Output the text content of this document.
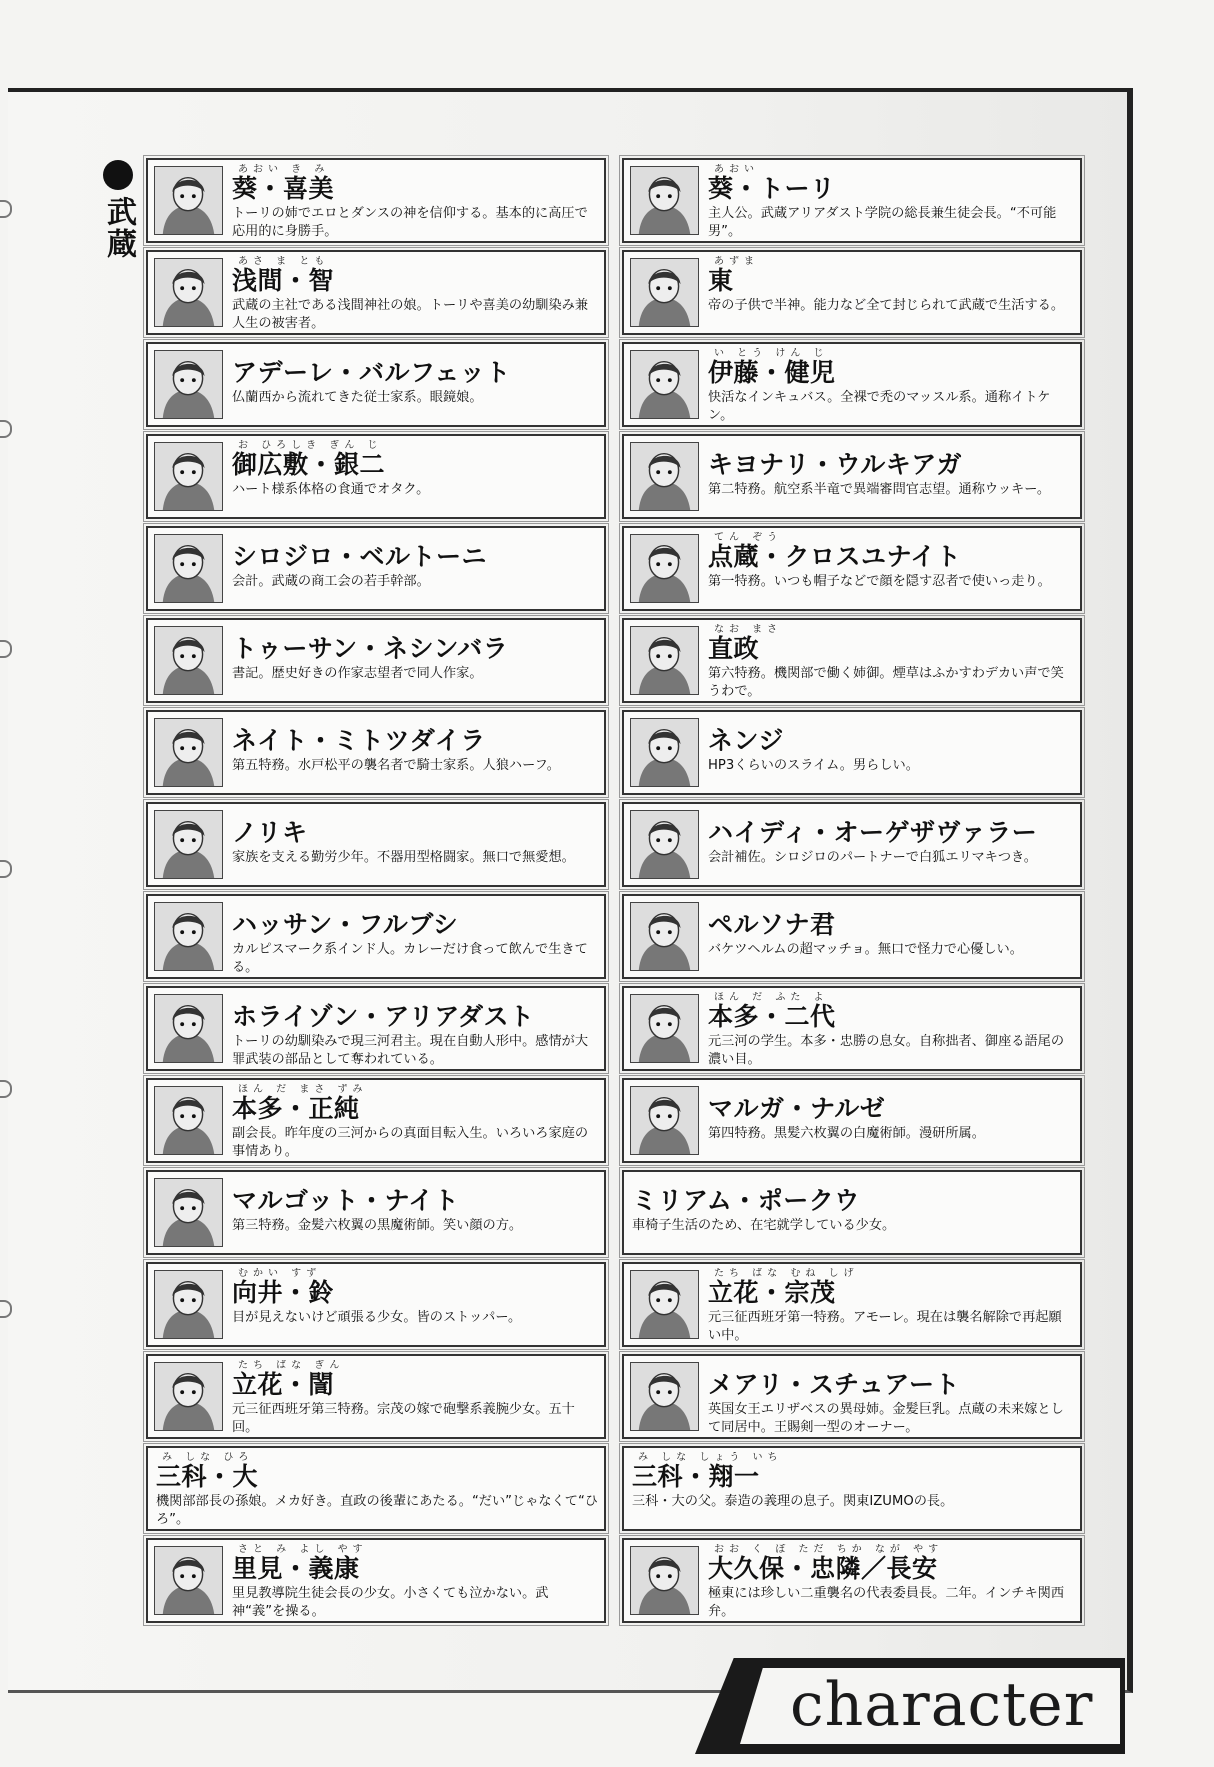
武蔵
あおい き み
葵・喜美
トーリの姉でエロとダンスの神を信仰する。基本的に高圧で応用的に身勝手。
あおい
葵・トーリ
主人公。武蔵アリアダスト学院の総長兼生徒会長。“不可能男”。
あさ ま とも
浅間・智
武蔵の主社である浅間神社の娘。トーリや喜美の幼馴染み兼人生の被害者。
あずま
東
帝の子供で半神。能力など全て封じられて武蔵で生活する。
アデーレ・バルフェット
仏蘭西から流れてきた従士家系。眼鏡娘。
い とう けん じ
伊藤・健児
快活なインキュバス。全裸で禿のマッスル系。通称イトケン。
お ひろしき ぎん じ
御広敷・銀二
ハート様系体格の食通でオタク。
キヨナリ・ウルキアガ
第二特務。航空系半竜で異端審問官志望。通称ウッキー。
シロジロ・ベルトーニ
会計。武蔵の商工会の若手幹部。
てん ぞう
点蔵・クロスユナイト
第一特務。いつも帽子などで顔を隠す忍者で使いっ走り。
トゥーサン・ネシンバラ
書記。歴史好きの作家志望者で同人作家。
なお まさ
直政
第六特務。機関部で働く姉御。煙草はふかすわデカい声で笑うわで。
ネイト・ミトツダイラ
第五特務。水戸松平の襲名者で騎士家系。人狼ハーフ。
ネンジ
HP3くらいのスライム。男らしい。
ノリキ
家族を支える勤労少年。不器用型格闘家。無口で無愛想。
ハイディ・オーゲザヴァラー
会計補佐。シロジロのパートナーで白狐エリマキつき。
ハッサン・フルブシ
カルピスマーク系インド人。カレーだけ食って飲んで生きてる。
ペルソナ君
バケツヘルムの超マッチョ。無口で怪力で心優しい。
ホライゾン・アリアダスト
トーリの幼馴染みで現三河君主。現在自動人形中。感情が大罪武装の部品として奪われている。
ほん だ ふた よ
本多・二代
元三河の学生。本多・忠勝の息女。自称拙者、御座る語尾の濃い目。
ほん だ まさ ずみ
本多・正純
副会長。昨年度の三河からの真面目転入生。いろいろ家庭の事情あり。
マルガ・ナルゼ
第四特務。黒髪六枚翼の白魔術師。漫研所属。
マルゴット・ナイト
第三特務。金髪六枚翼の黒魔術師。笑い顔の方。
ミリアム・ポークウ
車椅子生活のため、在宅就学している少女。
むかい すず
向井・鈴
目が見えないけど頑張る少女。皆のストッパー。
たち ばな むね しげ
立花・宗茂
元三征西班牙第一特務。アモーレ。現在は襲名解除で再起願い中。
たち ばな ぎん
立花・誾
元三征西班牙第三特務。宗茂の嫁で砲撃系義腕少女。五十回。
メアリ・スチュアート
英国女王エリザベスの異母姉。金髪巨乳。点蔵の未来嫁として同居中。王賜剣一型のオーナー。
み しな ひろ
三科・大
機関部部長の孫娘。メカ好き。直政の後輩にあたる。“だい”じゃなくて“ひろ”。
み しな しょう いち
三科・翔一
三科・大の父。泰造の義理の息子。関東IZUMOの長。
さと み よし やす
里見・義康
里見教導院生徒会長の少女。小さくても泣かない。武神“義”を操る。
おお く ぼ ただ ちか なが やす
大久保・忠隣／長安
極東には珍しい二重襲名の代表委員長。二年。インチキ関西弁。
character
